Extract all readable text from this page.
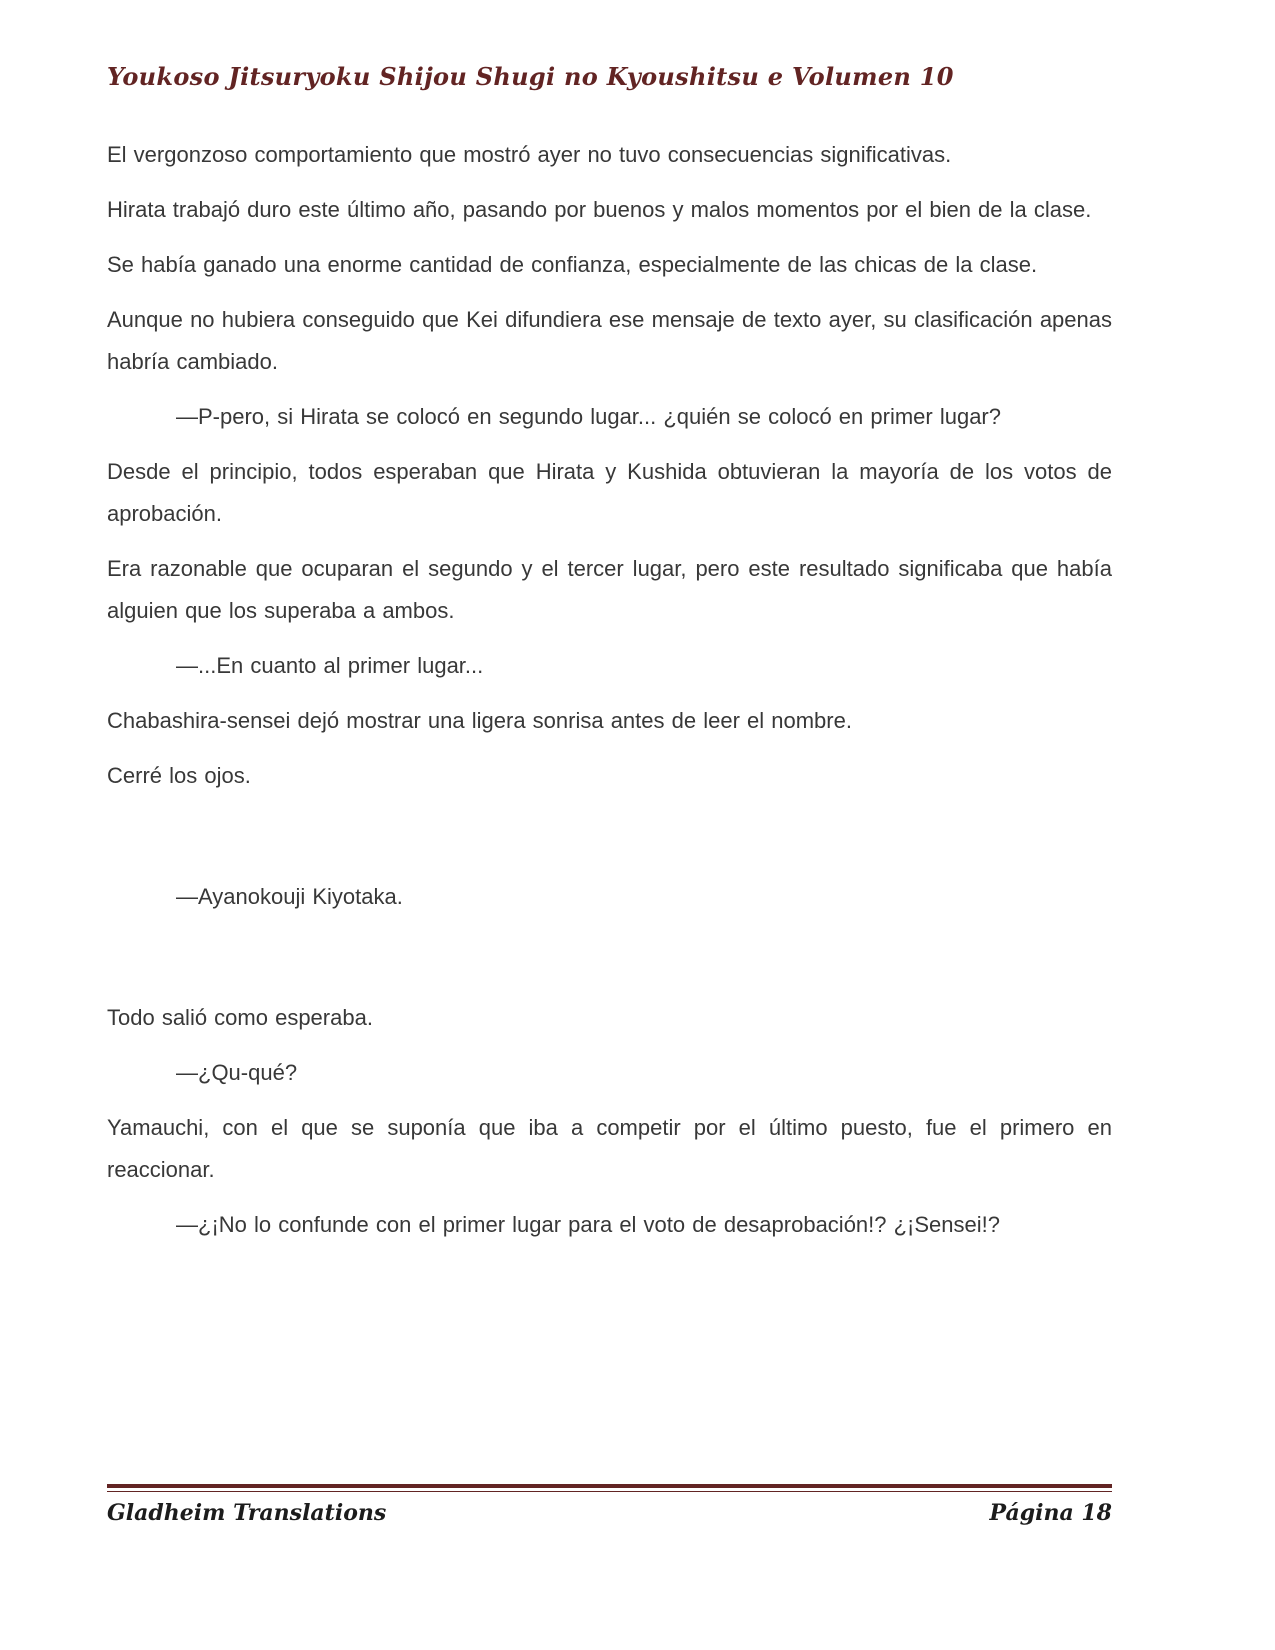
Youkoso Jitsuryoku Shijou Shugi no Kyoushitsu e Volumen 10

El vergonzoso comportamiento que mostró ayer no tuvo consecuencias significativas.

Hirata trabajó duro este último año, pasando por buenos y malos momentos por el bien de la clase.

Se había ganado una enorme cantidad de confianza, especialmente de las chicas de la clase.

Aunque no hubiera conseguido que Kei difundiera ese mensaje de texto ayer, su clasificación apenas habría cambiado.

—P-pero, si Hirata se colocó en segundo lugar... ¿quién se colocó en primer lugar?

Desde el principio, todos esperaban que Hirata y Kushida obtuvieran la mayoría de los votos de aprobación.

Era razonable que ocuparan el segundo y el tercer lugar, pero este resultado significaba que había alguien que los superaba a ambos.

—...En cuanto al primer lugar...

Chabashira-sensei dejó mostrar una ligera sonrisa antes de leer el nombre.

Cerré los ojos.

—Ayanokouji Kiyotaka.

Todo salió como esperaba.

—¿Qu-qué?

Yamauchi, con el que se suponía que iba a competir por el último puesto, fue el primero en reaccionar.

—¿¡No lo confunde con el primer lugar para el voto de desaprobación!? ¿¡Sensei!?

Gladheim Translations	Página 18
